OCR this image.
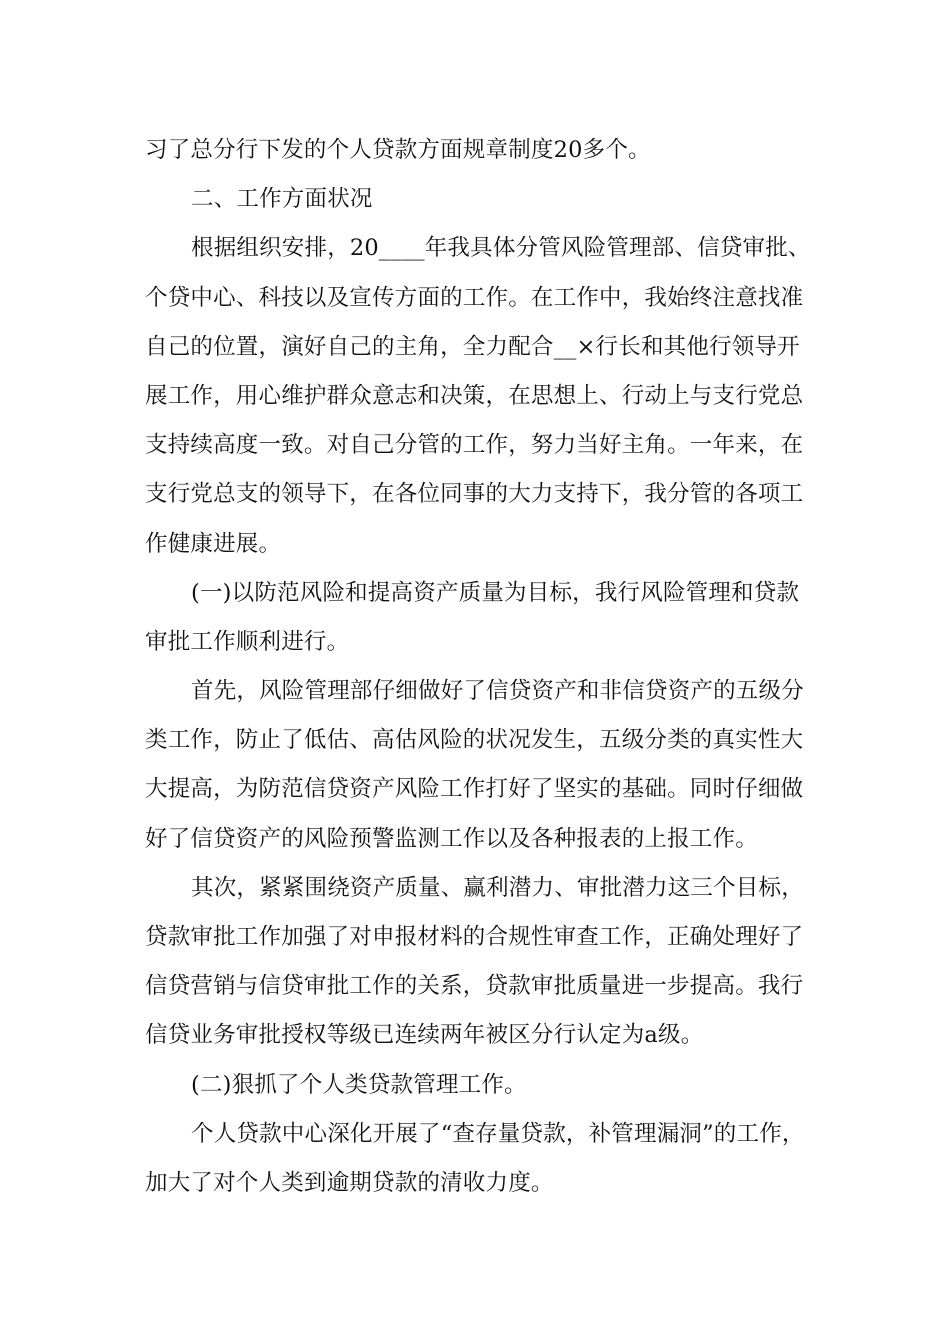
习了总分行下发的个人贷款方面规章制度20多个。
二、工作方面状况
根据组织安排，20____年我具体分管风险管理部、信贷审批、
个贷中心、科技以及宣传方面的工作。在工作中，我始终注意找准
自己的位置，演好自己的主角，全力配合__×行长和其他行领导开
展工作，用心维护群众意志和决策，在思想上、行动上与支行党总
支持续高度一致。对自己分管的工作，努力当好主角。一年来，在
支行党总支的领导下，在各位同事的大力支持下，我分管的各项工
作健康进展。
(一)以防范风险和提高资产质量为目标，我行风险管理和贷款
审批工作顺利进行。
首先，风险管理部仔细做好了信贷资产和非信贷资产的五级分
类工作，防止了低估、高估风险的状况发生，五级分类的真实性大
大提高，为防范信贷资产风险工作打好了坚实的基础。同时仔细做
好了信贷资产的风险预警监测工作以及各种报表的上报工作。
其次，紧紧围绕资产质量、赢利潜力、审批潜力这三个目标，
贷款审批工作加强了对申报材料的合规性审查工作，正确处理好了
信贷营销与信贷审批工作的关系，贷款审批质量进一步提高。我行
信贷业务审批授权等级已连续两年被区分行认定为a级。
(二)狠抓了个人类贷款管理工作。
个人贷款中心深化开展了“查存量贷款，补管理漏洞”的工作，
加大了对个人类到逾期贷款的清收力度。
